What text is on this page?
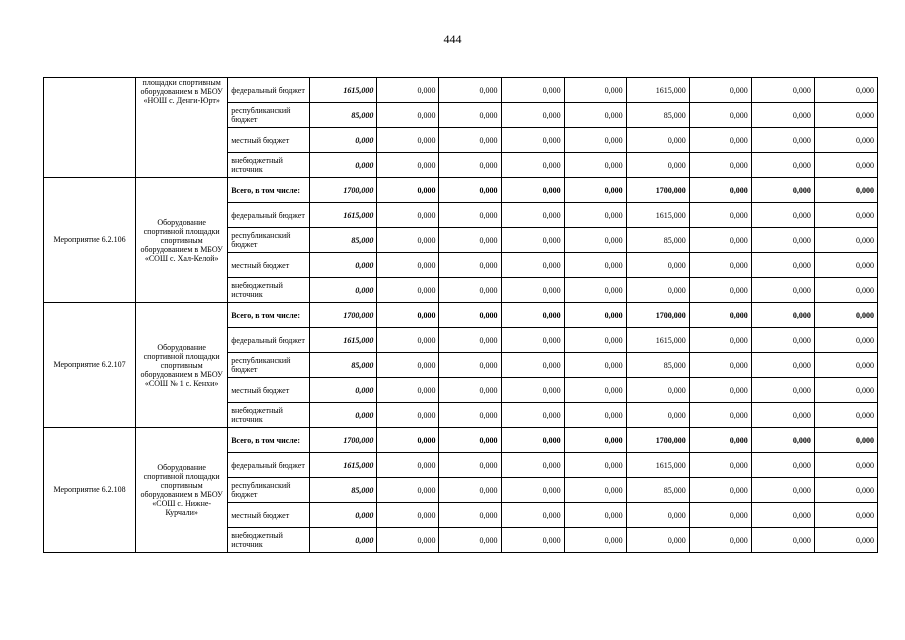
444
	площадки спортивным оборудованием в МБОУ «НОШ с. Денги-Юрт»	федеральный бюджет	1615,000	0,000	0,000	0,000	0,000	1615,000	0,000	0,000	0,000
		республиканский бюджет	85,000	0,000	0,000	0,000	0,000	85,000	0,000	0,000	0,000
		местный бюджет	0,000	0,000	0,000	0,000	0,000	0,000	0,000	0,000	0,000
		внебюджетный источник	0,000	0,000	0,000	0,000	0,000	0,000	0,000	0,000	0,000
Мероприятие 6.2.106	Оборудование спортивной площадки спортивным оборудованием в МБОУ «СОШ с. Хал-Келой»	Всего, в том числе:	1700,000	0,000	0,000	0,000	0,000	1700,000	0,000	0,000	0,000
		федеральный бюджет	1615,000	0,000	0,000	0,000	0,000	1615,000	0,000	0,000	0,000
		республиканский бюджет	85,000	0,000	0,000	0,000	0,000	85,000	0,000	0,000	0,000
		местный бюджет	0,000	0,000	0,000	0,000	0,000	0,000	0,000	0,000	0,000
		внебюджетный источник	0,000	0,000	0,000	0,000	0,000	0,000	0,000	0,000	0,000
Мероприятие 6.2.107	Оборудование спортивной площадки спортивным оборудованием в МБОУ «СОШ № 1 с. Кенхи»	Всего, в том числе:	1700,000	0,000	0,000	0,000	0,000	1700,000	0,000	0,000	0,000
		федеральный бюджет	1615,000	0,000	0,000	0,000	0,000	1615,000	0,000	0,000	0,000
		республиканский бюджет	85,000	0,000	0,000	0,000	0,000	85,000	0,000	0,000	0,000
		местный бюджет	0,000	0,000	0,000	0,000	0,000	0,000	0,000	0,000	0,000
		внебюджетный источник	0,000	0,000	0,000	0,000	0,000	0,000	0,000	0,000	0,000
Мероприятие 6.2.108	Оборудование спортивной площадки спортивным оборудованием в МБОУ «СОШ с. Нижне-Курчали»	Всего, в том числе:	1700,000	0,000	0,000	0,000	0,000	1700,000	0,000	0,000	0,000
		федеральный бюджет	1615,000	0,000	0,000	0,000	0,000	1615,000	0,000	0,000	0,000
		республиканский бюджет	85,000	0,000	0,000	0,000	0,000	85,000	0,000	0,000	0,000
		местный бюджет	0,000	0,000	0,000	0,000	0,000	0,000	0,000	0,000	0,000
		внебюджетный источник	0,000	0,000	0,000	0,000	0,000	0,000	0,000	0,000	0,000
